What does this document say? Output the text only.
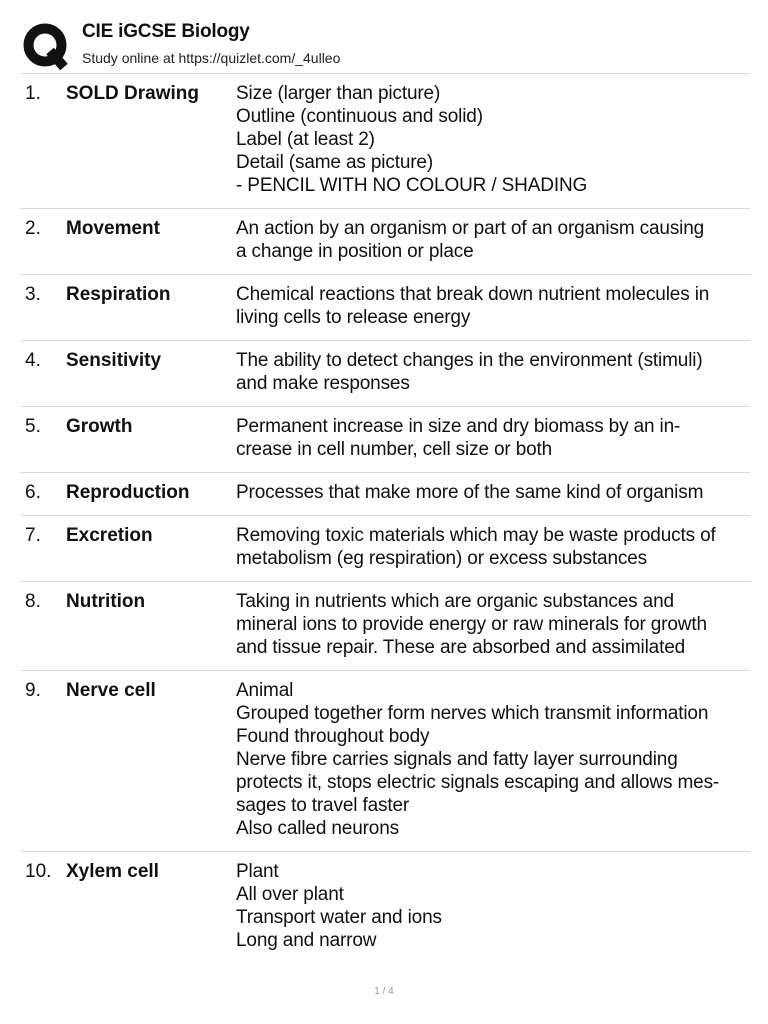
CIE iGCSE Biology
Study online at https://quizlet.com/_4ulleo
1.	SOLD Drawing	Size (larger than picture)
Outline (continuous and solid)
Label (at least 2)
Detail (same as picture)
- PENCIL WITH NO COLOUR / SHADING
2.	Movement	An action by an organism or part of an organism causing
a change in position or place
3.	Respiration	Chemical reactions that break down nutrient molecules in
living cells to release energy
4.	Sensitivity	The ability to detect changes in the environment (stimuli)
and make responses
5.	Growth	Permanent increase in size and dry biomass by an in-
crease in cell number, cell size or both
6.	Reproduction	Processes that make more of the same kind of organism
7.	Excretion	Removing toxic materials which may be waste products of
metabolism (eg respiration) or excess substances
8.	Nutrition	Taking in nutrients which are organic substances and
mineral ions to provide energy or raw minerals for growth
and tissue repair. These are absorbed and assimilated
9.	Nerve cell	Animal
Grouped together form nerves which transmit information
Found throughout body
Nerve fibre carries signals and fatty layer surrounding
protects it, stops electric signals escaping and allows mes-
sages to travel faster
Also called neurons
10. Xylem cell	Plant
All over plant
Transport water and ions
Long and narrow
1 / 4
